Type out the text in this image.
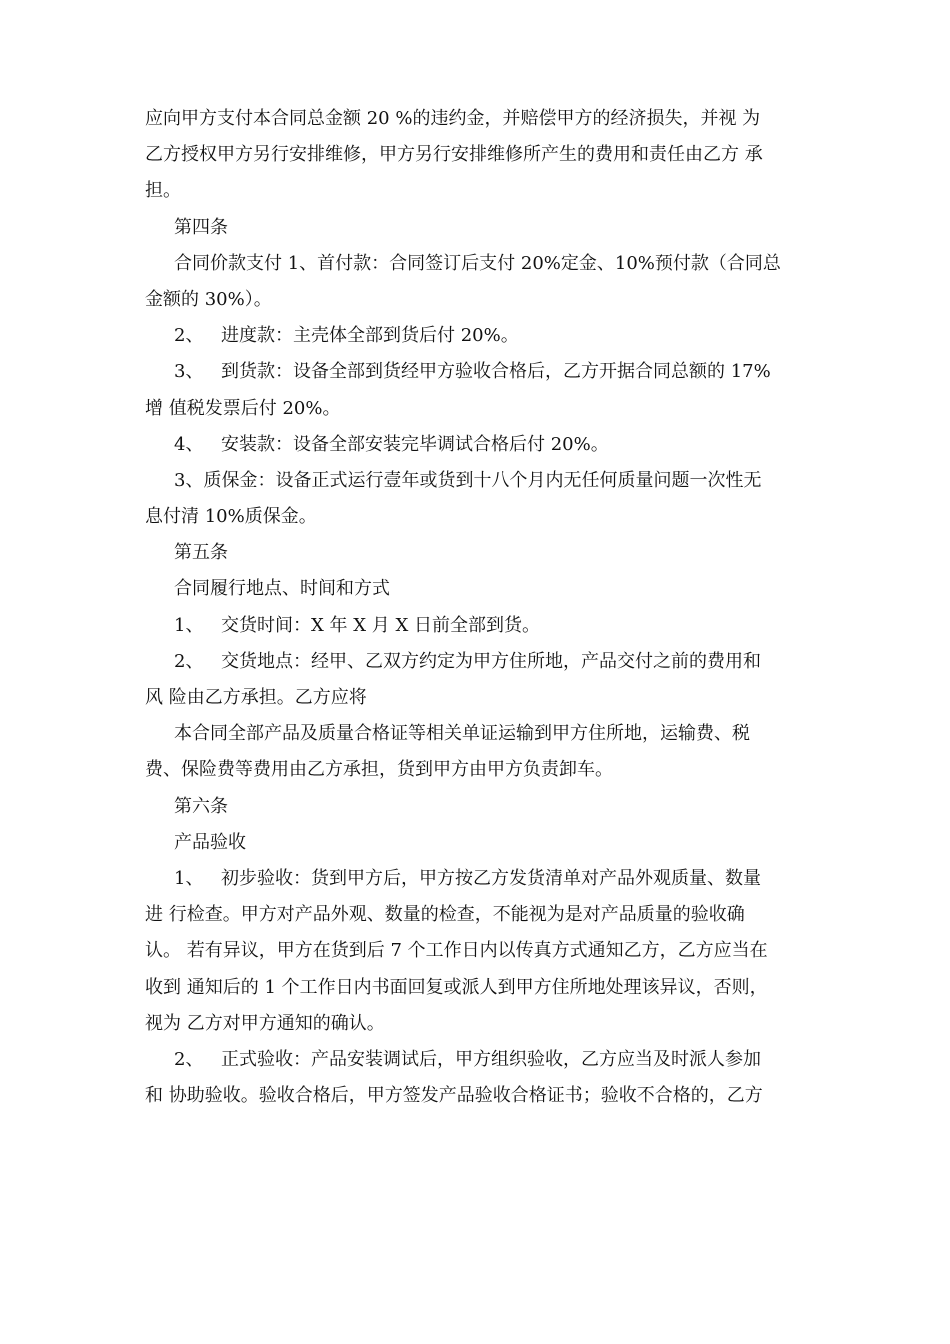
应向甲方支付本合同总金额 20 %的违约金，并赔偿甲方的经济损失，并视 为
乙方授权甲方另行安排维修，甲方另行安排维修所产生的费用和责任由乙方 承
担。
第四条
合同价款支付 1、首付款：合同签订后支付 20%定金、10%预付款（合同总
金额的 30%）。
2、 进度款：主壳体全部到货后付 20%。
3、 到货款：设备全部到货经甲方验收合格后，乙方开据合同总额的 17%
增 值税发票后付 20%。
4、 安装款：设备全部安装完毕调试合格后付 20%。
3、质保金：设备正式运行壹年或货到十八个月内无任何质量问题一次性无
息付清 10%质保金。
第五条
合同履行地点、时间和方式
1、 交货时间：X 年 X 月 X 日前全部到货。
2、 交货地点：经甲、乙双方约定为甲方住所地，产品交付之前的费用和
风 险由乙方承担。乙方应将
本合同全部产品及质量合格证等相关单证运输到甲方住所地，运输费、税
费、保险费等费用由乙方承担，货到甲方由甲方负责卸车。
第六条
产品验收
1、 初步验收：货到甲方后，甲方按乙方发货清单对产品外观质量、数量
进 行检查。甲方对产品外观、数量的检查，不能视为是对产品质量的验收确
认。 若有异议，甲方在货到后 7 个工作日内以传真方式通知乙方，乙方应当在
收到 通知后的 1 个工作日内书面回复或派人到甲方住所地处理该异议，否则，
视为 乙方对甲方通知的确认。
2、 正式验收：产品安装调试后，甲方组织验收，乙方应当及时派人参加
和 协助验收。验收合格后，甲方签发产品验收合格证书；验收不合格的，乙方
